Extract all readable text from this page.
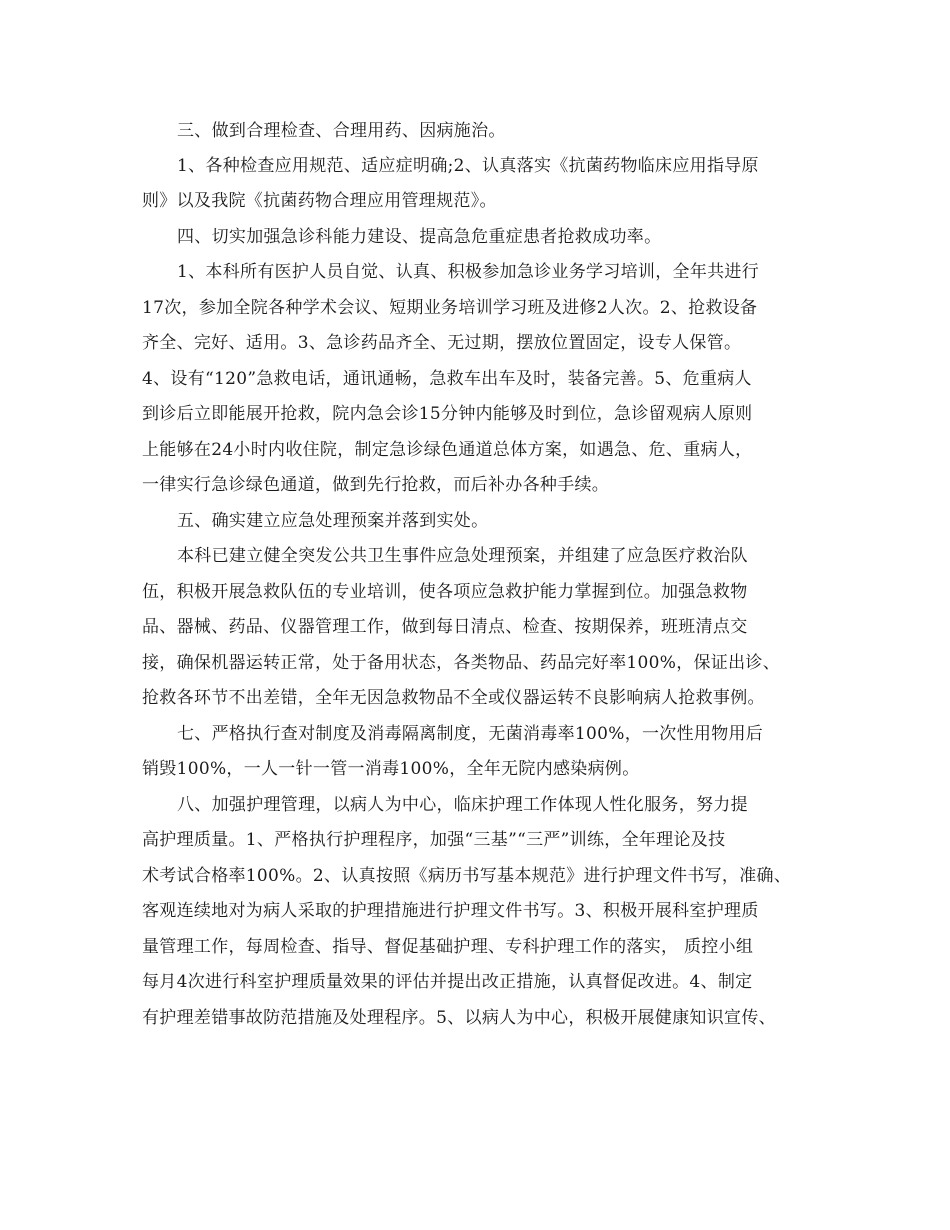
三、做到合理检查、合理用药、因病施治。
1、各种检查应用规范、适应症明确;2、认真落实《抗菌药物临床应用指导原
则》以及我院《抗菌药物合理应用管理规范》。
四、切实加强急诊科能力建设、提高急危重症患者抢救成功率。
1、本科所有医护人员自觉、认真、积极参加急诊业务学习培训，全年共进行
17次，参加全院各种学术会议、短期业务培训学习班及进修2人次。2、抢救设备
齐全、完好、适用。3、急诊药品齐全、无过期，摆放位置固定，设专人保管。
4、设有“120”急救电话，通讯通畅，急救车出车及时，装备完善。5、危重病人
到诊后立即能展开抢救，院内急会诊15分钟内能够及时到位，急诊留观病人原则
上能够在24小时内收住院，制定急诊绿色通道总体方案，如遇急、危、重病人，
一律实行急诊绿色通道，做到先行抢救，而后补办各种手续。
五、确实建立应急处理预案并落到实处。
本科已建立健全突发公共卫生事件应急处理预案，并组建了应急医疗救治队
伍，积极开展急救队伍的专业培训，使各项应急救护能力掌握到位。加强急救物
品、器械、药品、仪器管理工作，做到每日清点、检查、按期保养，班班清点交
接，确保机器运转正常，处于备用状态，各类物品、药品完好率100%，保证出诊、
抢救各环节不出差错，全年无因急救物品不全或仪器运转不良影响病人抢救事例。
七、严格执行查对制度及消毒隔离制度，无菌消毒率100%，一次性用物用后
销毁100%，一人一针一管一消毒100%，全年无院内感染病例。
八、加强护理管理，以病人为中心，临床护理工作体现人性化服务，努力提
高护理质量。1、严格执行护理程序，加强“三基”“三严”训练，全年理论及技
术考试合格率100%。2、认真按照《病历书写基本规范》进行护理文件书写，准确、
客观连续地对为病人采取的护理措施进行护理文件书写。3、积极开展科室护理质
量管理工作，每周检查、指导、督促基础护理、专科护理工作的落实， 质控小组
每月4次进行科室护理质量效果的评估并提出改正措施，认真督促改进。4、制定
有护理差错事故防范措施及处理程序。5、以病人为中心，积极开展健康知识宣传、
